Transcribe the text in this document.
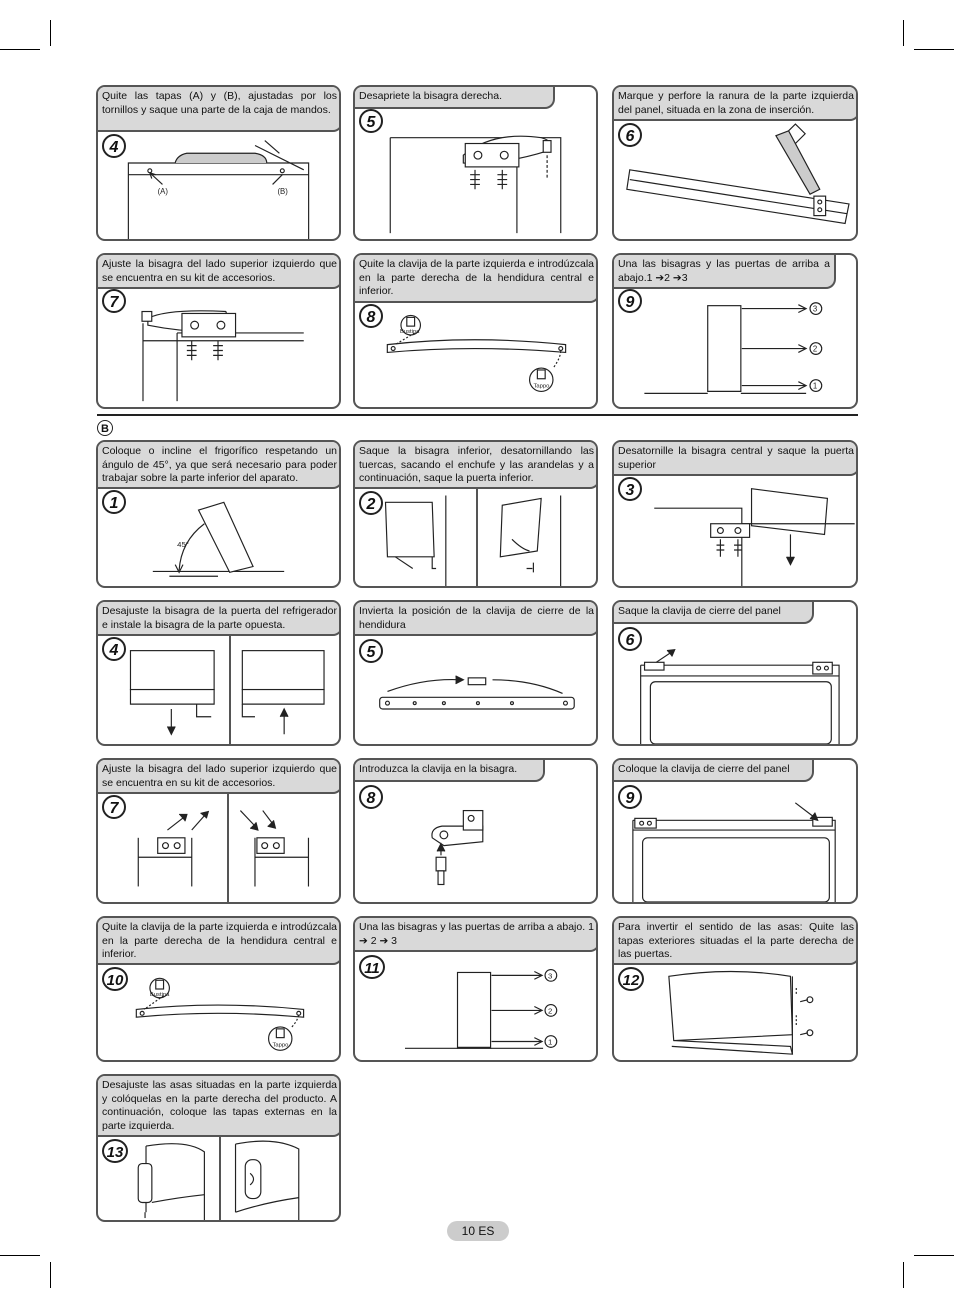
(A)	(B)
Quite las tapas (A) y (B), ajustadas por los tornillos y saque una parte de la caja de mandos.
4
Desapriete la bisagra derecha.
5
Marque y perfore la ranura de la parte izquierda del panel, situada en la zona de inserción.
6
Ajuste la bisagra del lado superior izquierdo que se encuentra en su kit de accesorios.
7
Bustina
Tappo
Quite la clavija de la parte izquierda e introdúzcala en la parte derecha de la hendidura central e inferior.
8	3
2
1
Una las bisagras y las puertas de arriba a abajo.1 ➔2 ➔3
9
B
45°
Coloque o incline el frigorífico respetando un ángulo de 45°, ya que será necesario para poder trabajar sobre la parte inferior del aparato.
1
Saque la bisagra inferior, desatornillando las tuercas, sacando el enchufe y las arandelas y a continuación, saque la puerta inferior.
2
Desatornille la bisagra central y saque la puerta superior
3
Desajuste la bisagra de la puerta del refrigerador e instale la bisagra de la parte opuesta.
4
Invierta la posición de la clavija de cierre de la hendidura
5
Saque la clavija de cierre del panel
6
Ajuste la bisagra del lado superior izquierdo que se encuentra en su kit de accesorios.
7
Introduzca la clavija en la bisagra.
8
Coloque la clavija de cierre del panel
9
Bustina
Tappo
Quite la clavija de la parte izquierda e introdúzcala en la parte derecha de la hendidura central e inferior.
10	3
2
1
Una las bisagras y las puertas de arriba a abajo. 1 ➔ 2 ➔ 3
11
Para invertir el sentido de las asas: Quite las tapas exteriores situadas el la parte derecha de las puertas.
12
Desajuste las asas situadas en la parte izquierda y colóquelas en la parte derecha del producto. A continuación, coloque las tapas externas en la parte izquierda.
13
10 ES
